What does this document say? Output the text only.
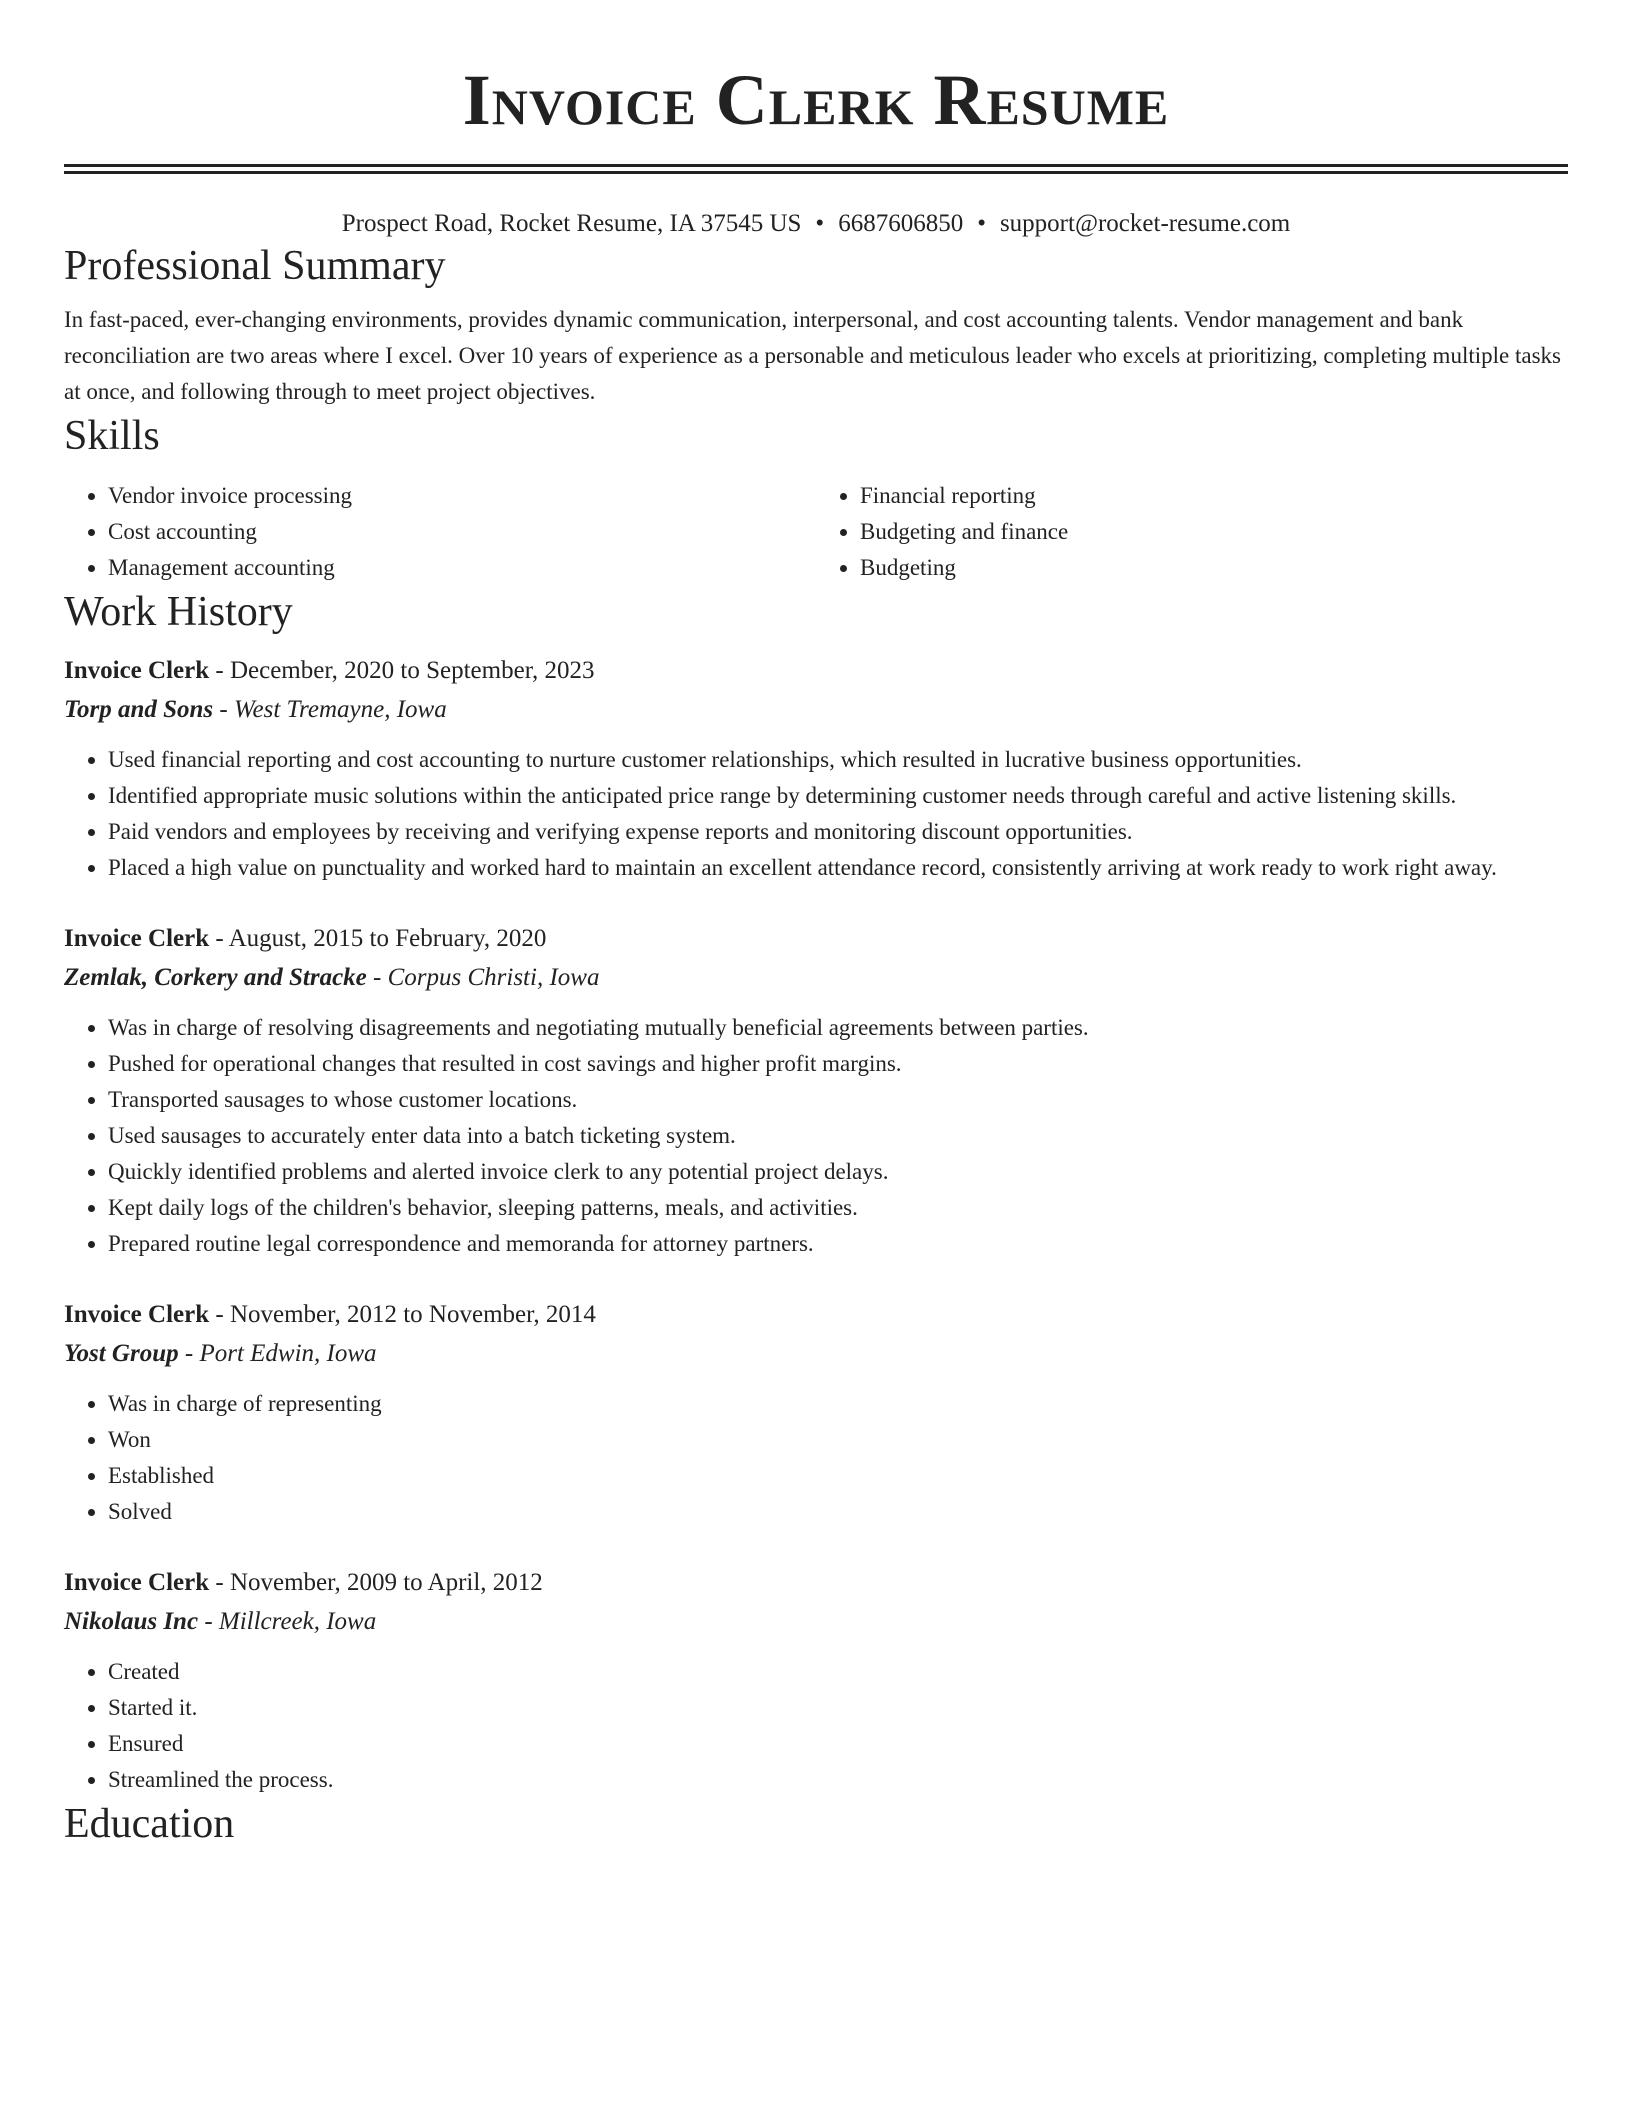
Invoice Clerk Resume
Prospect Road, Rocket Resume, IA 37545 US • 6687606850 • support@rocket-resume.com
Professional Summary

In fast-paced, ever-changing environments, provides dynamic communication, interpersonal, and cost accounting talents. Vendor management and bank reconciliation are two areas where I excel. Over 10 years of experience as a personable and meticulous leader who excels at prioritizing, completing multiple tasks at once, and following through to meet project objectives.

Skills
• Vendor invoice processing
• Cost accounting
• Management accounting
• Financial reporting
• Budgeting and finance
• Budgeting
Work History
Invoice Clerk - December, 2020 to September, 2023
Torp and Sons - West Tremayne, Iowa
• Used financial reporting and cost accounting to nurture customer relationships, which resulted in lucrative business opportunities.
• Identified appropriate music solutions within the anticipated price range by determining customer needs through careful and active listening skills.
• Paid vendors and employees by receiving and verifying expense reports and monitoring discount opportunities.
• Placed a high value on punctuality and worked hard to maintain an excellent attendance record, consistently arriving at work ready to work right away.
Invoice Clerk - August, 2015 to February, 2020
Zemlak, Corkery and Stracke - Corpus Christi, Iowa
• Was in charge of resolving disagreements and negotiating mutually beneficial agreements between parties.
• Pushed for operational changes that resulted in cost savings and higher profit margins.
• Transported sausages to whose customer locations.
• Used sausages to accurately enter data into a batch ticketing system.
• Quickly identified problems and alerted invoice clerk to any potential project delays.
• Kept daily logs of the children's behavior, sleeping patterns, meals, and activities.
• Prepared routine legal correspondence and memoranda for attorney partners.
Invoice Clerk - November, 2012 to November, 2014
Yost Group - Port Edwin, Iowa
• Was in charge of representing
• Won
• Established
• Solved
Invoice Clerk - November, 2009 to April, 2012
Nikolaus Inc - Millcreek, Iowa
• Created
• Started it.
• Ensured
• Streamlined the process.
Education
